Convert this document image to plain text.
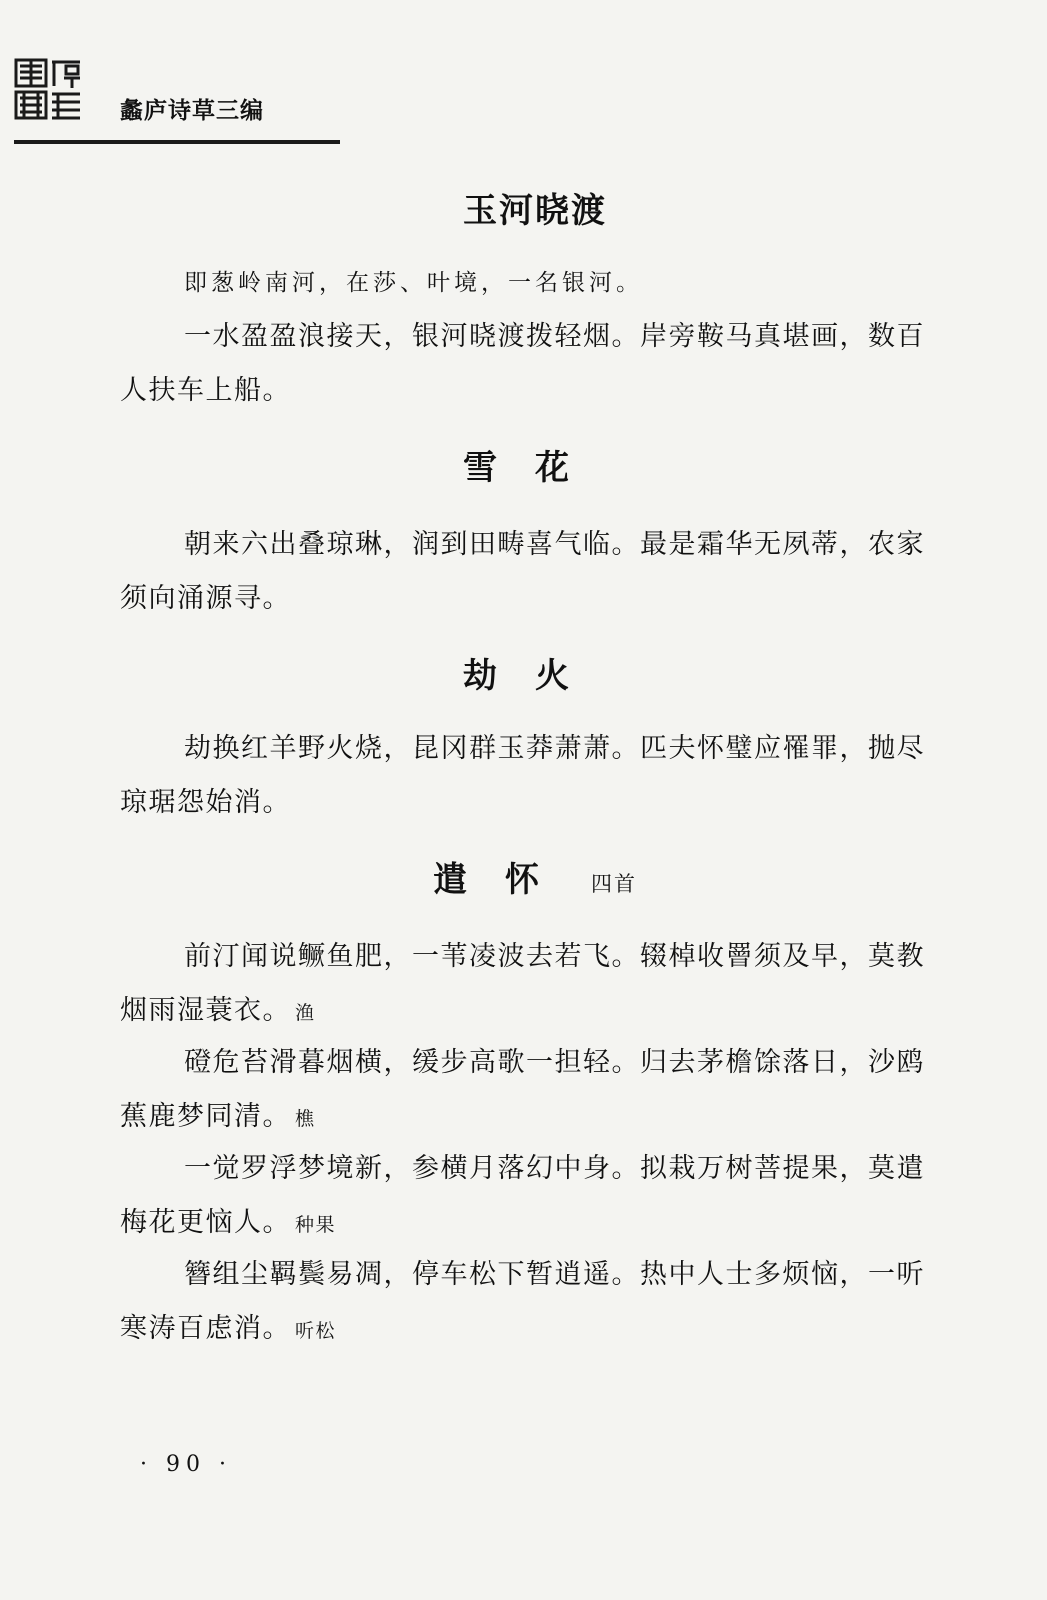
蠡庐诗草三编
玉河晓渡
即葱岭南河，在莎、叶境，一名银河。
一水盈盈浪接天，银河晓渡拨轻烟。岸旁鞍马真堪画，数百人扶车上船。
雪花
朝来六出叠琼琳，润到田畴喜气临。最是霜华无夙蒂，农家须向涌源寻。
劫火
劫换红羊野火烧，昆冈群玉莽萧萧。匹夫怀璧应罹罪，抛尽琼琚怨始消。
遣怀 四首
前汀闻说鳜鱼肥，一苇凌波去若飞。辍棹收罾须及早，莫教烟雨湿蓑衣。 渔
磴危苔滑暮烟横，缓步高歌一担轻。归去茅檐馀落日，沙鸥蕉鹿梦同清。 樵
一觉罗浮梦境新，参横月落幻中身。拟栽万树菩提果，莫遣梅花更恼人。 种果
簪组尘羁鬓易凋，停车松下暂逍遥。热中人士多烦恼，一听寒涛百虑消。 听松
· 90 ·
